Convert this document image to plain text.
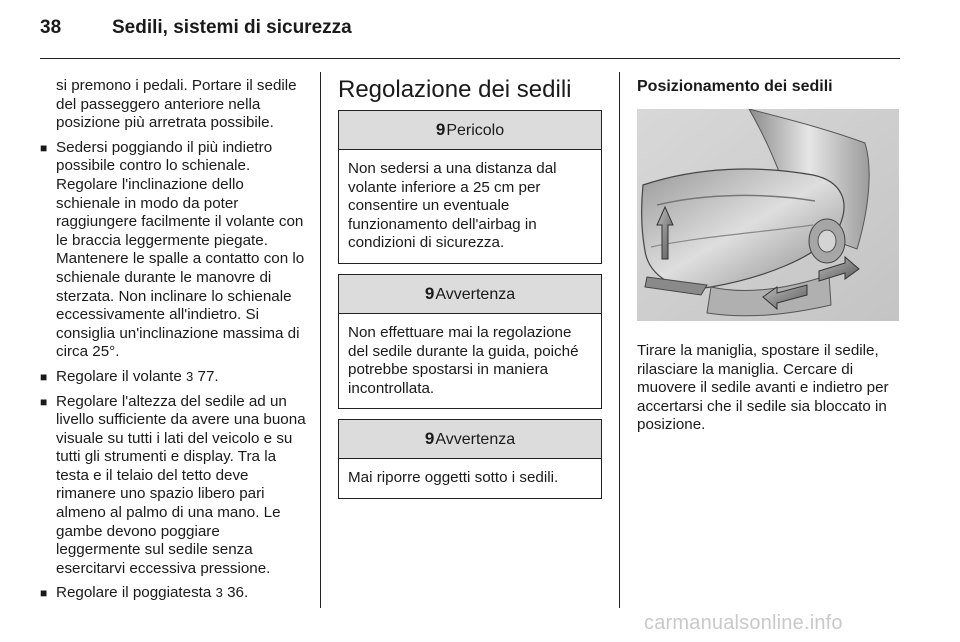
38	Sedili, sistemi di sicurezza

si premono i pedali. Portare il sedile del passeggero anteriore nella posizione più arretrata possibile.

■ Sedersi poggiando il più indietro possibile contro lo schienale. Regolare l'inclinazione dello schienale in modo da poter raggiungere facilmente il volante con le braccia leggermente piegate. Mantenere le spalle a contatto con lo schienale durante le manovre di sterzata. Non inclinare lo schienale eccessivamente all'indietro. Si consiglia un'inclinazione massima di circa 25°.
■ Regolare il volante 3 77.
■ Regolare l'altezza del sedile ad un livello sufficiente da avere una buona visuale su tutti i lati del veicolo e su tutti gli strumenti e display. Tra la testa e il telaio del tetto deve rimanere uno spazio libero pari almeno al palmo di una mano. Le gambe devono poggiare leggermente sul sedile senza esercitarvi eccessiva pressione.
■ Regolare il poggiatesta 3 36.
Regolazione dei sedili
9Pericolo
Non sedersi a una distanza dal volante inferiore a 25 cm per consentire un eventuale funzionamento dell'airbag in condizioni di sicurezza.
9Avvertenza
Non effettuare mai la regolazione del sedile durante la guida, poiché potrebbe spostarsi in maniera incontrollata.
9Avvertenza
Mai riporre oggetti sotto i sedili.
Posizionamento dei sedili

Tirare la maniglia, spostare il sedile, rilasciare la maniglia. Cercare di muovere il sedile avanti e indietro per accertarsi che il sedile sia bloccato in posizione.

carmanualsonline.info
